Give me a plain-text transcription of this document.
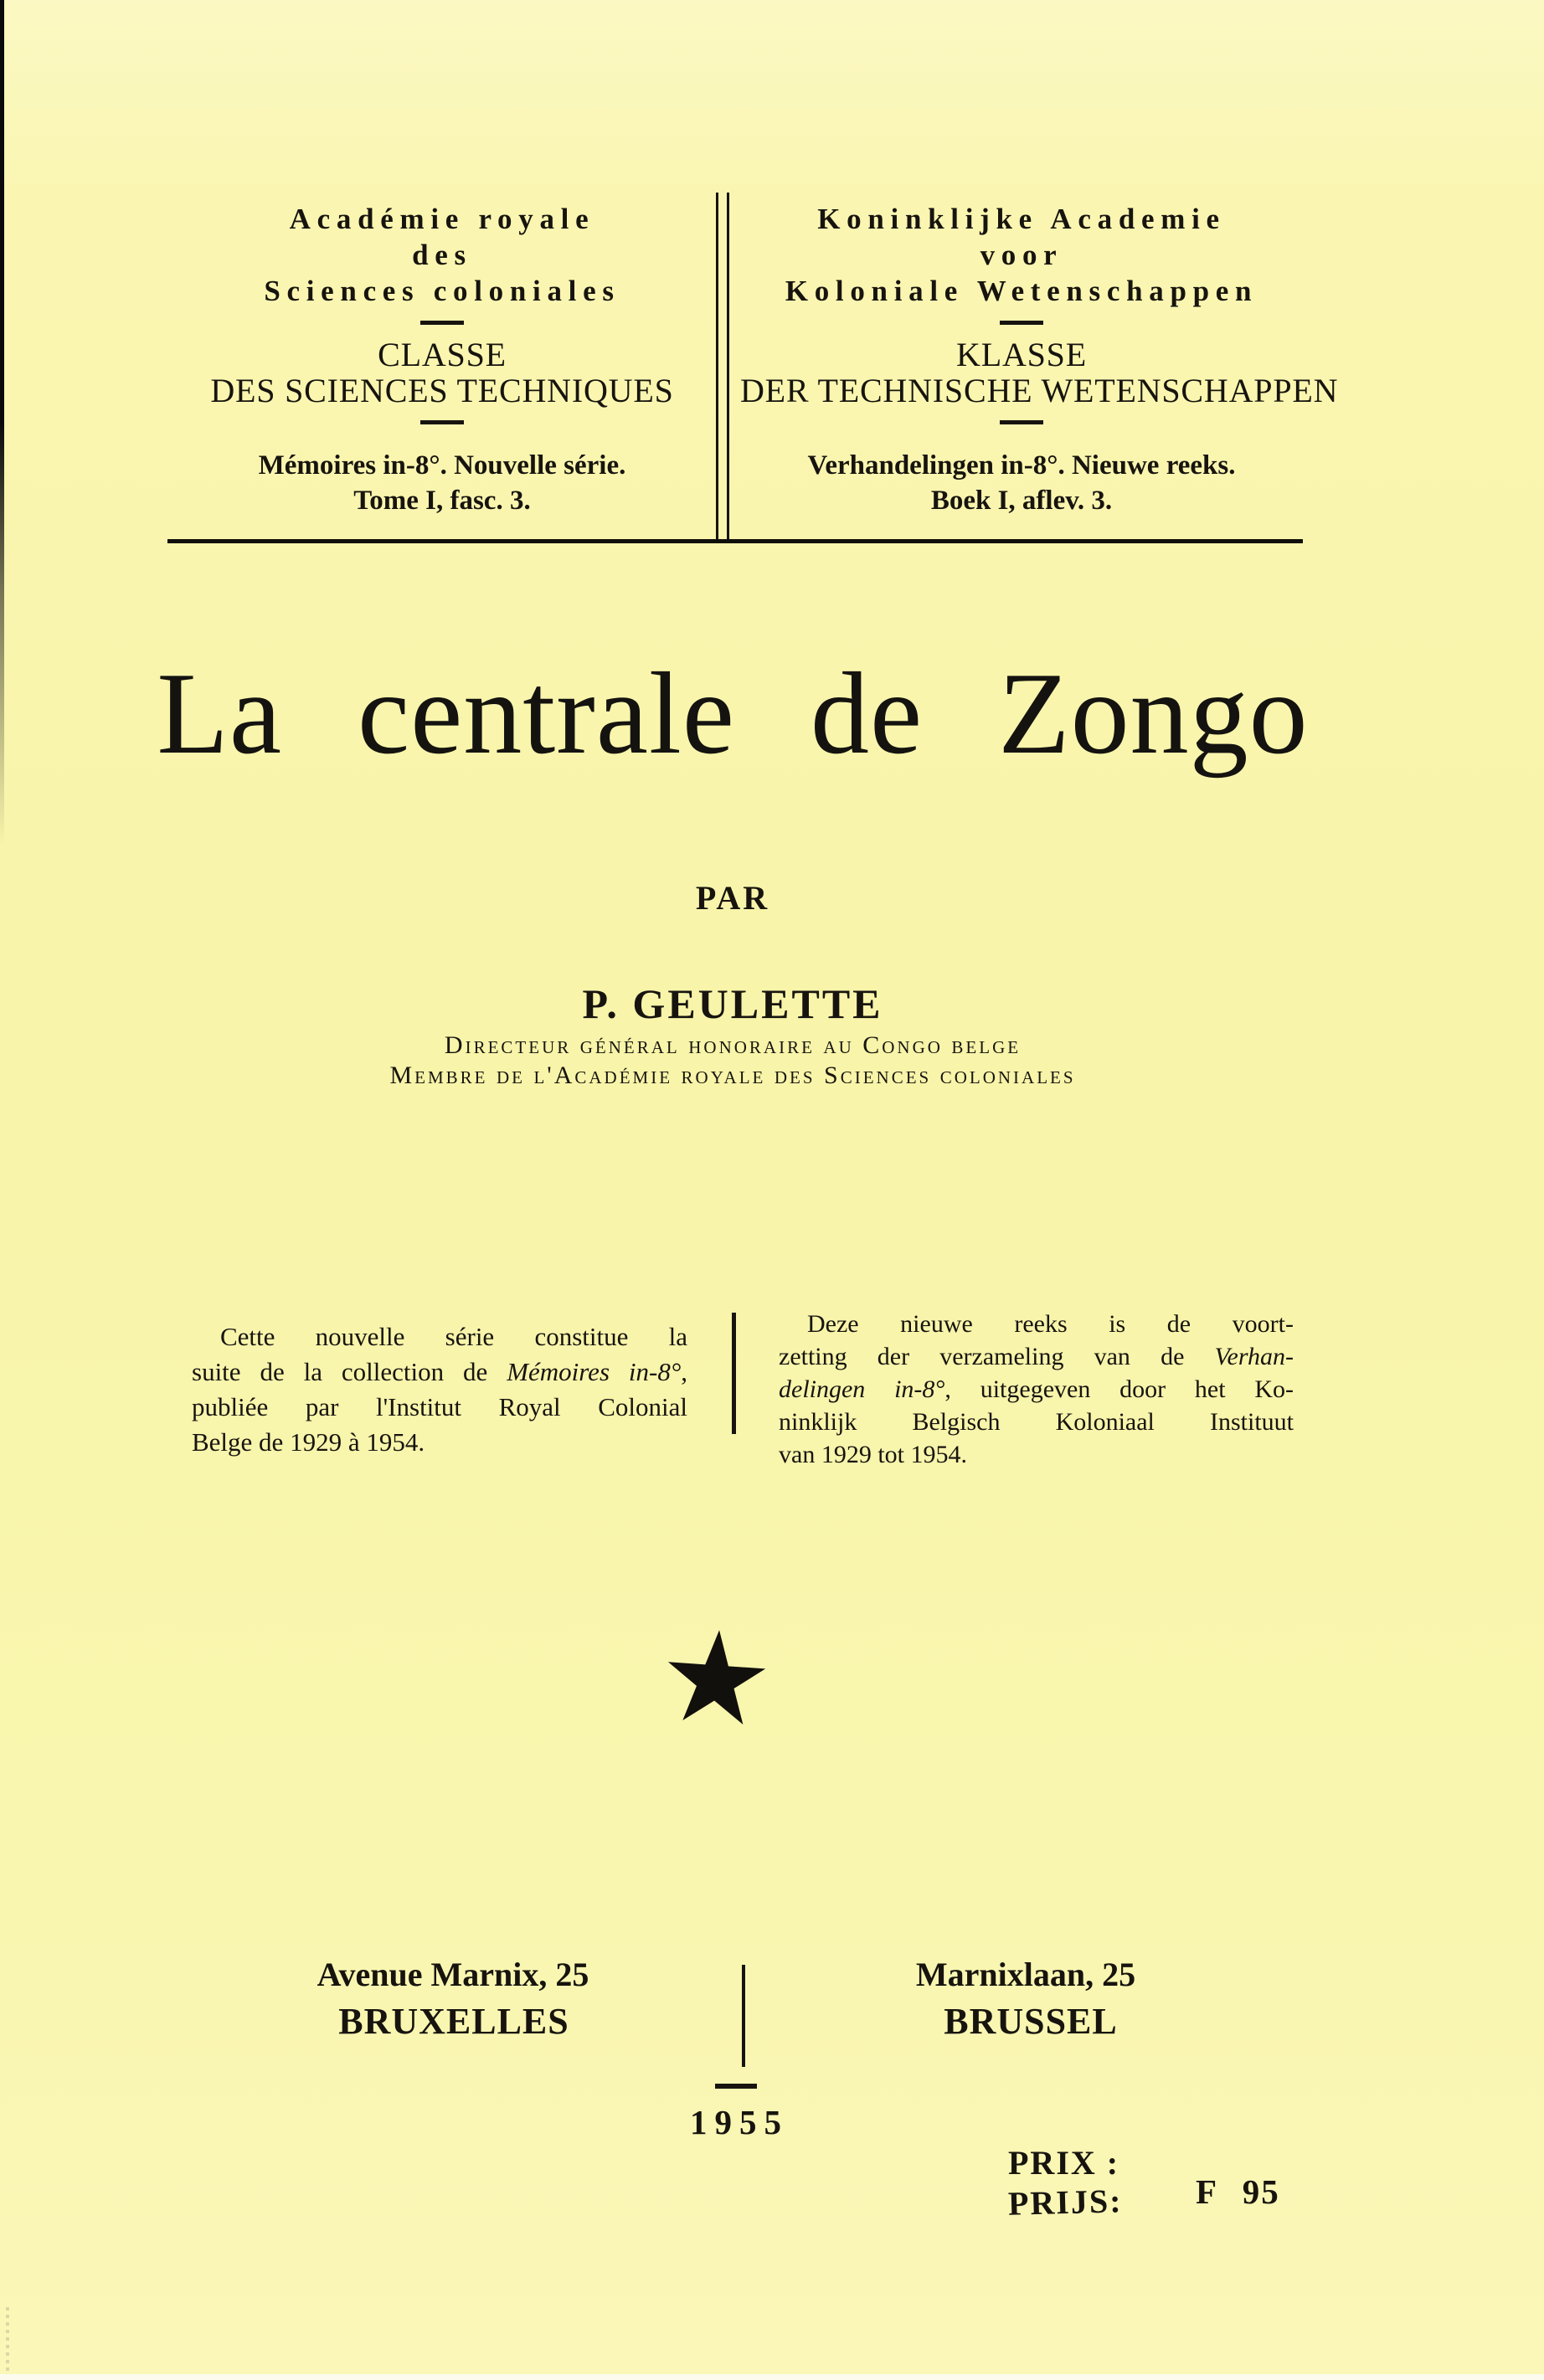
Académie royale
des
Sciences coloniales
CLASSE
DES SCIENCES TECHNIQUES
Mémoires in-8°. Nouvelle série.
Tome I, fasc. 3.
Koninklijke Academie
voor
Koloniale Wetenschappen
KLASSE
DER TECHNISCHE WETENSCHAPPEN
Verhandelingen in-8°. Nieuwe reeks.
Boek I, aflev. 3.
La centrale de Zongo
PAR
P. GEULETTE
Directeur général honoraire au Congo belge
Membre de l'Académie royale des Sciences coloniales
Cette nouvelle série constitue la
suite de la collection de Mémoires in-8°,
publiée par l'Institut Royal Colonial
Belge de 1929 à 1954.
Deze nieuwe reeks is de voort-
zetting der verzameling van de Verhan-
delingen in-8°, uitgegeven door het Ko-
ninklijk Belgisch Koloniaal Instituut
van 1929 tot 1954.
★
Avenue Marnix, 25
BRUXELLES
Marnixlaan, 25
BRUSSEL
1955
PRIX :
PRIJS: F 95
